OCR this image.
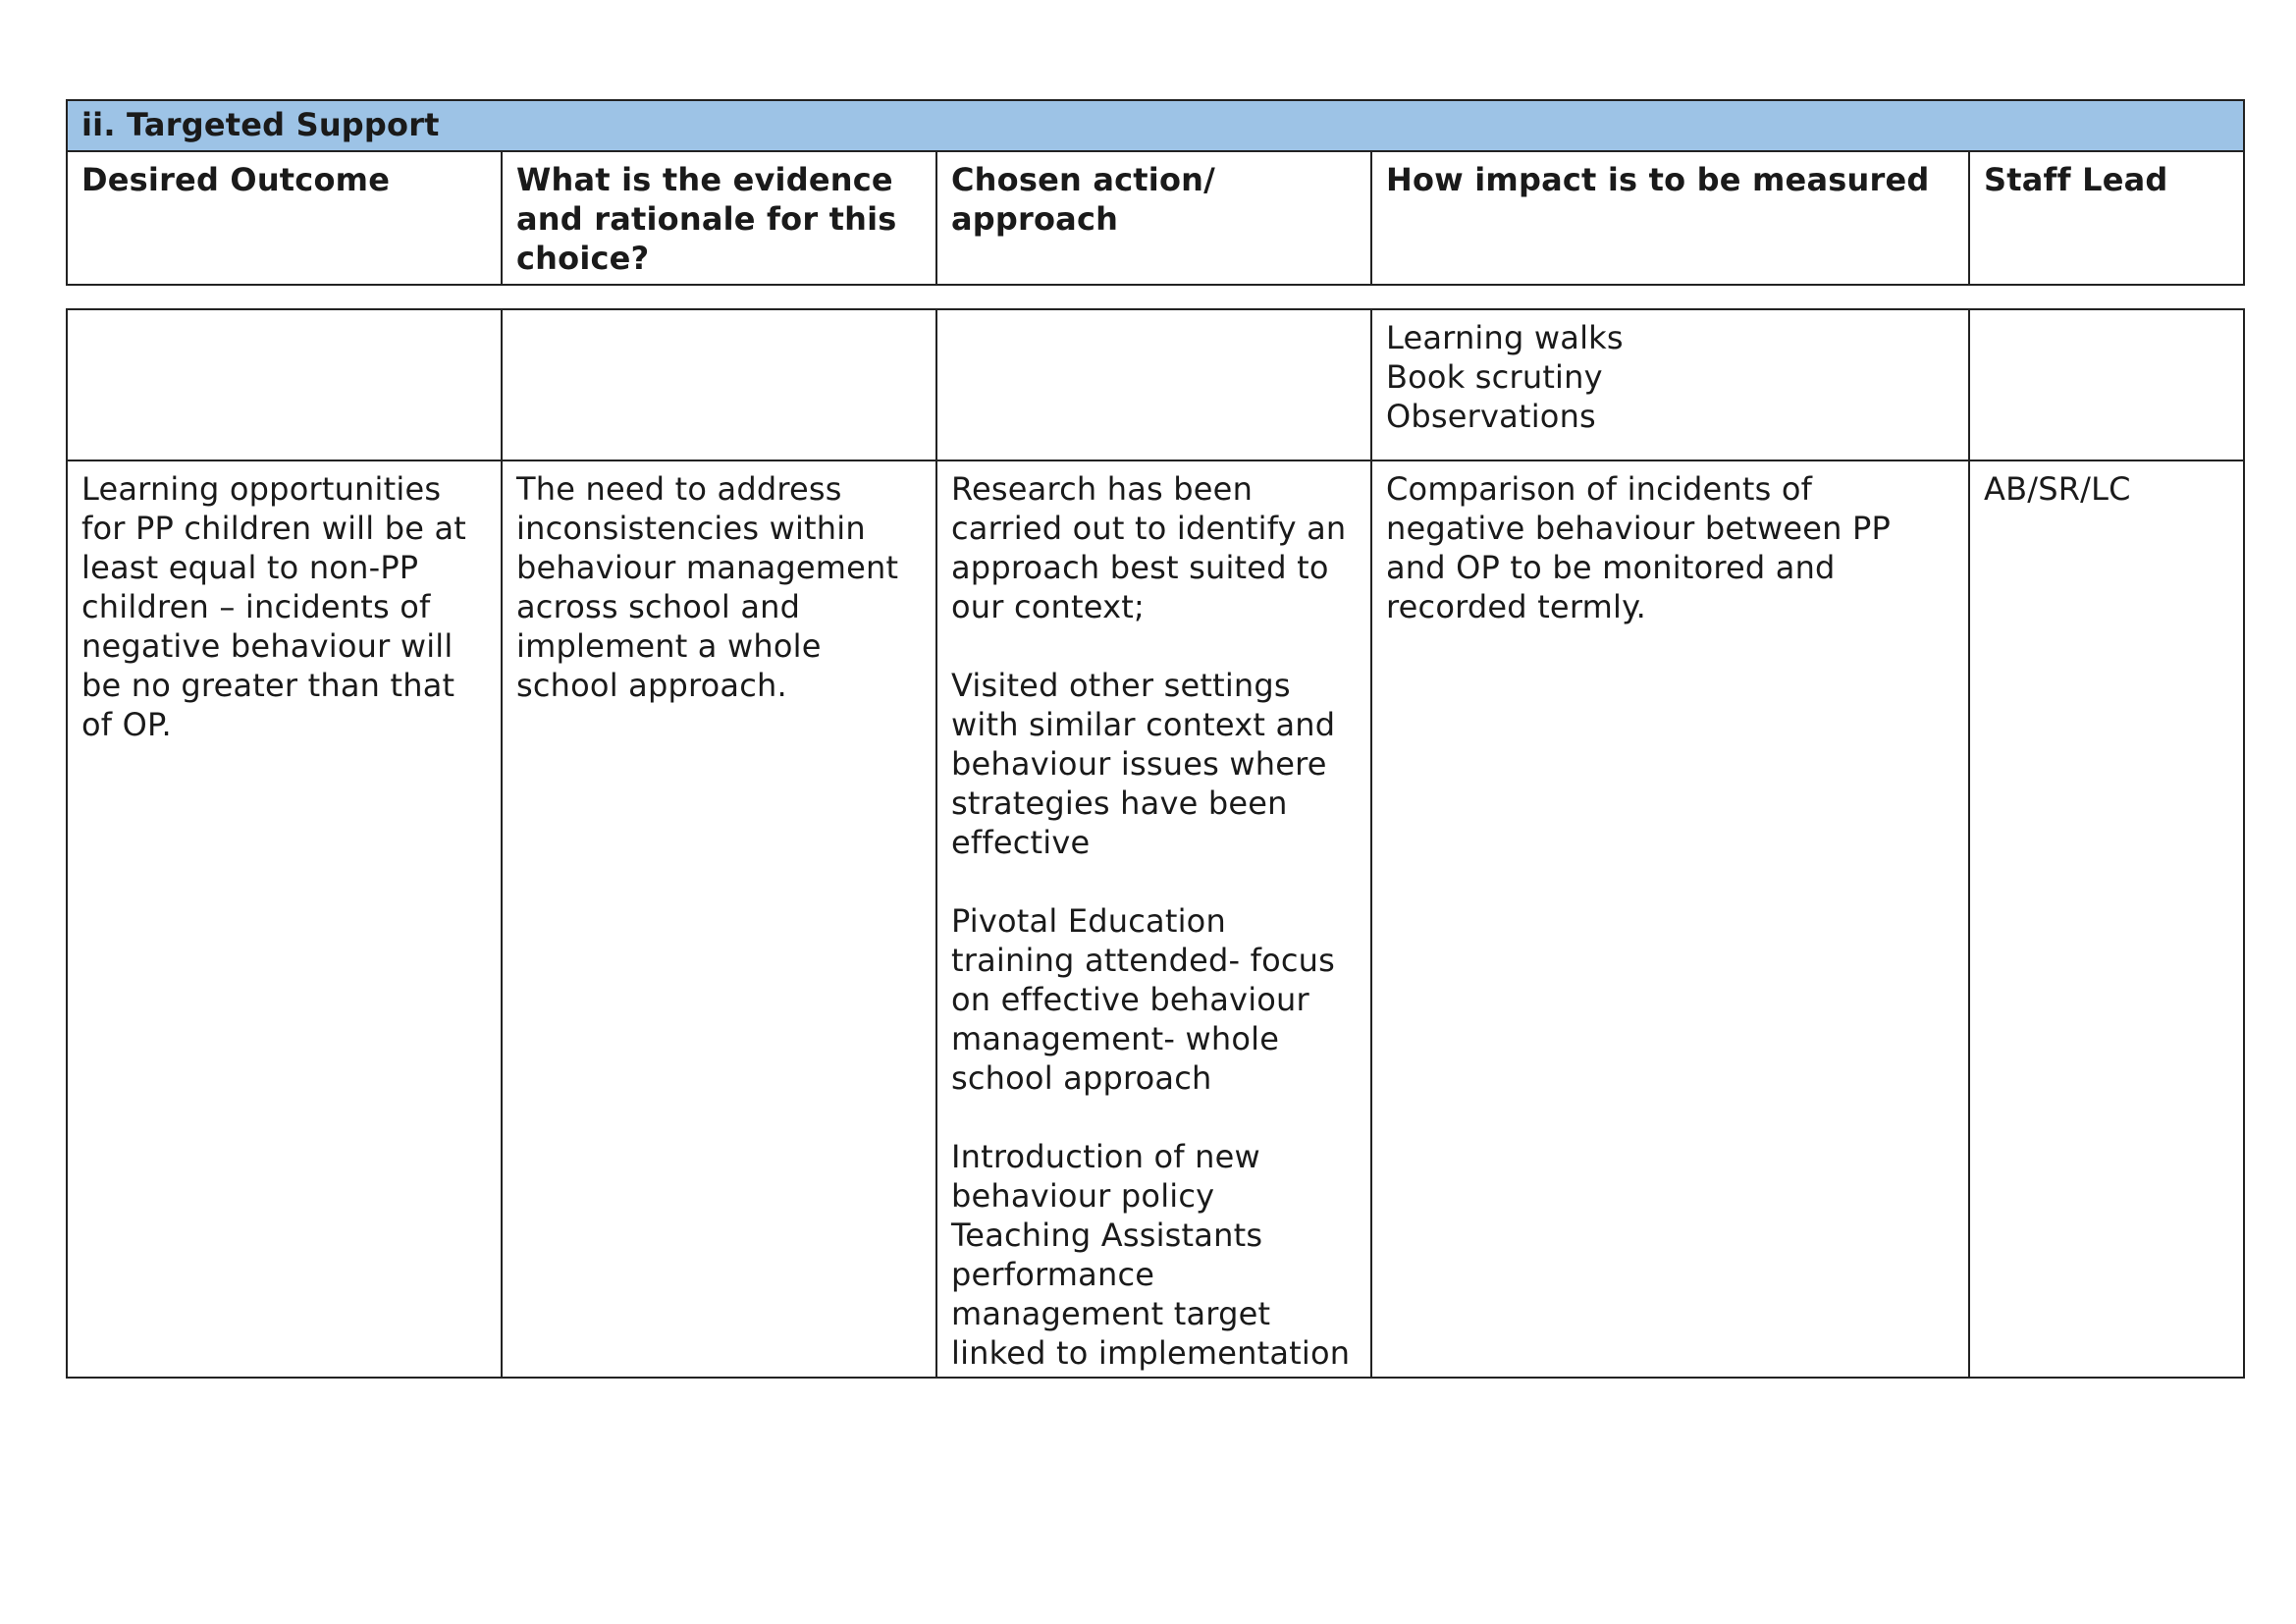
ii. Targeted Support
Desired Outcome	What is the evidence and rationale for this choice?	Chosen action/ approach	How impact is to be measured	Staff Lead

			Learning walks
Book scrutiny
Observations	

Learning opportunities for PP children will be at least equal to non-PP children – incidents of negative behaviour will be no greater than that of OP.	The need to address inconsistencies within behaviour management across school and implement a whole school approach.	Research has been carried out to identify an approach best suited to our context;
Visited other settings with similar context and behaviour issues where strategies have been effective
Pivotal Education training attended- focus on effective behaviour management- whole school approach
Introduction of new behaviour policy Teaching Assistants performance management target linked to implementation	Comparison of incidents of negative behaviour between PP and OP to be monitored and recorded termly.	AB/SR/LC
